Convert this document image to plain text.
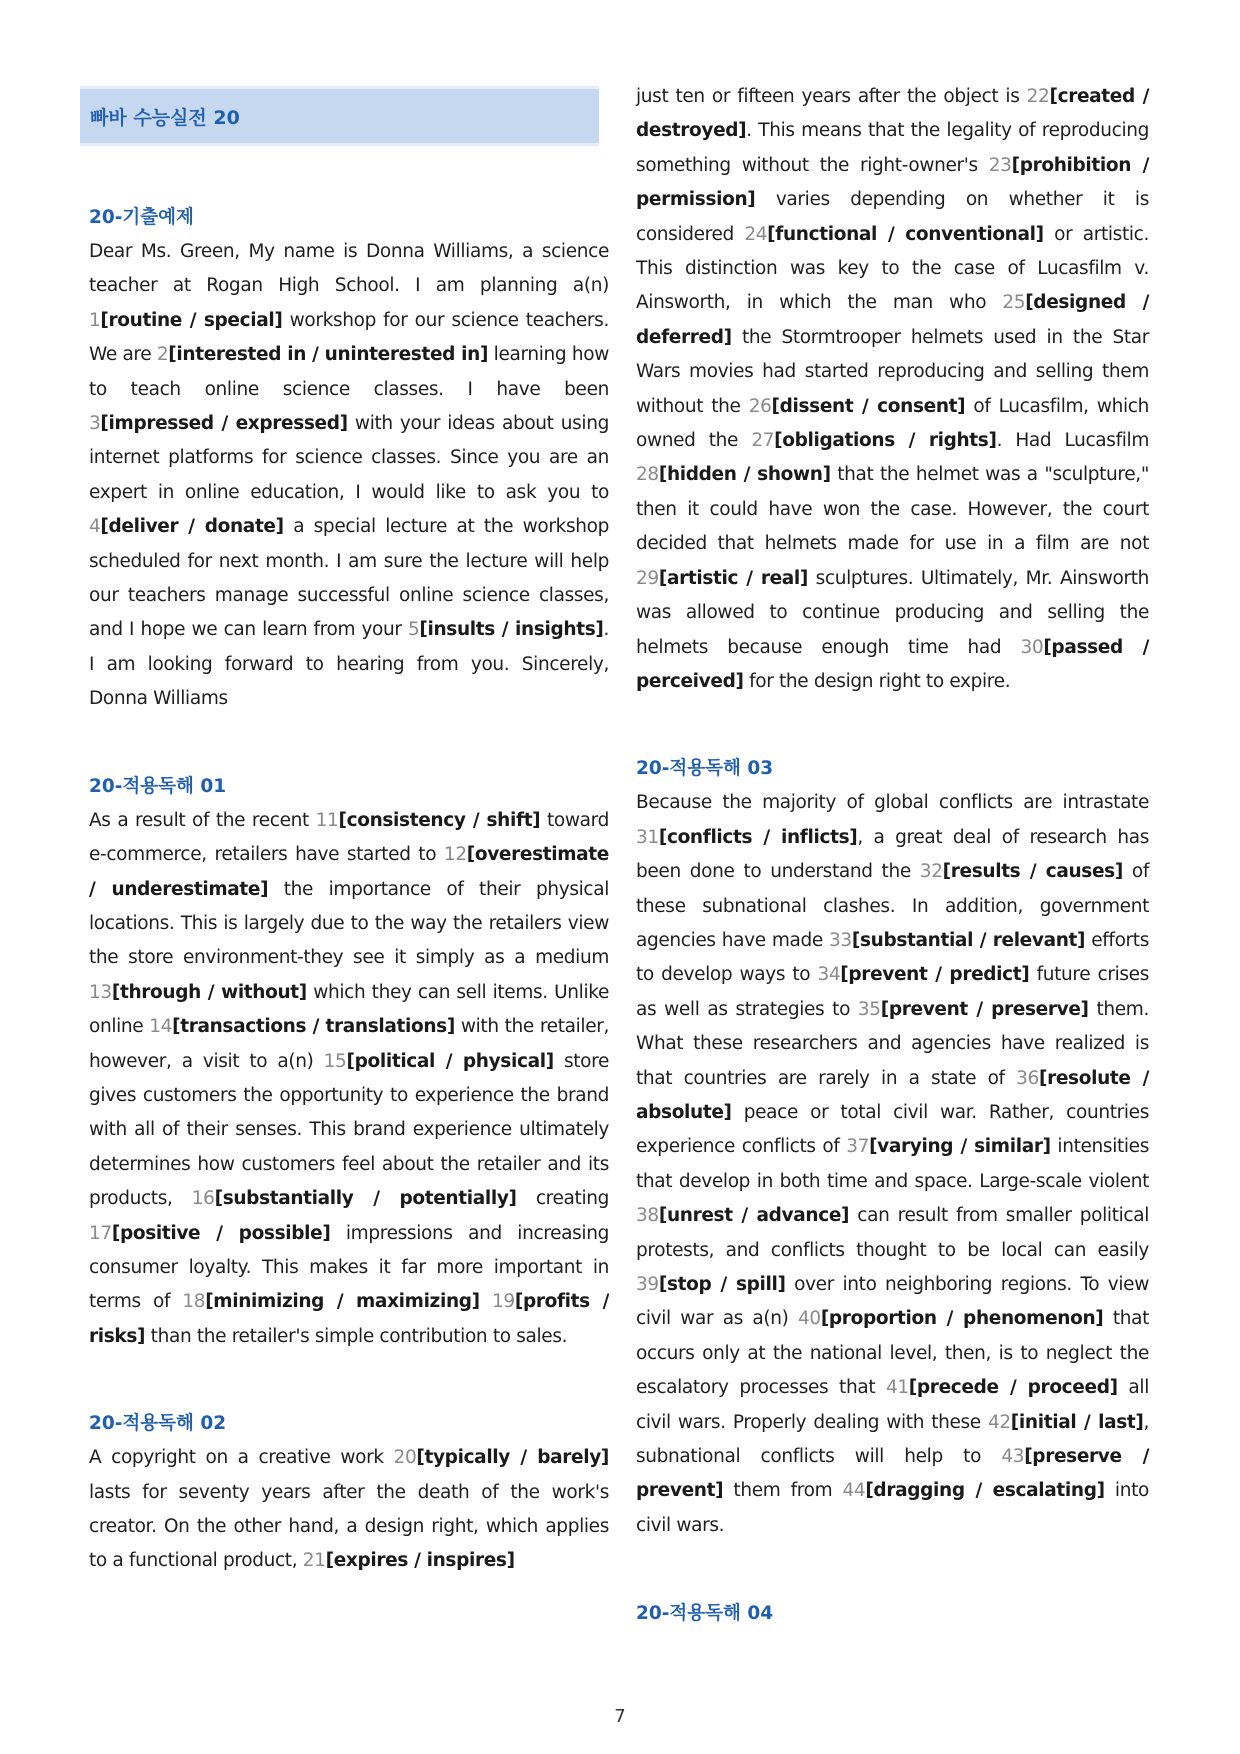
빠바 수능실전 20
20-기출예제

Dear Ms. Green, My name is Donna Williams, a science teacher at Rogan High School. I am planning a(n) 1[routine / special] workshop for our science teachers. We are 2[interested in / uninterested in] learning how to teach online science classes. I have been 3[impressed / expressed] with your ideas about using internet platforms for science classes. Since you are an expert in online education, I would like to ask you to 4[deliver / donate] a special lecture at the workshop scheduled for next month. I am sure the lecture will help our teachers manage successful online science classes, and I hope we can learn from your 5[insults / insights]. I am looking forward to hearing from you. Sincerely, Donna Williams

20-적용독해 01

As a result of the recent 11[consistency / shift] toward e-commerce, retailers have started to 12[overestimate / underestimate] the importance of their physical locations. This is largely due to the way the retailers view the store environment-they see it simply as a medium 13[through / without] which they can sell items. Unlike online 14[transactions / translations] with the retailer, however, a visit to a(n) 15[political / physical] store gives customers the opportunity to experience the brand with all of their senses. This brand experience ultimately determines how customers feel about the retailer and its products, 16[substantially / potentially] creating 17[positive / possible] impressions and increasing consumer loyalty. This makes it far more important in terms of 18[minimizing / maximizing] 19[profits / risks] than the retailer's simple contribution to sales.

20-적용독해 02

A copyright on a creative work 20[typically / barely] lasts for seventy years after the death of the work's creator. On the other hand, a design right, which applies to a functional product, 21[expires / inspires]

just ten or fifteen years after the object is 22[created / destroyed]. This means that the legality of reproducing something without the right-owner's 23[prohibition / permission] varies depending on whether it is considered 24[functional / conventional] or artistic. This distinction was key to the case of Lucasfilm v. Ainsworth, in which the man who 25[designed / deferred] the Stormtrooper helmets used in the Star Wars movies had started reproducing and selling them without the 26[dissent / consent] of Lucasfilm, which owned the 27[obligations / rights]. Had Lucasfilm 28[hidden / shown] that the helmet was a "sculpture," then it could have won the case. However, the court decided that helmets made for use in a film are not 29[artistic / real] sculptures. Ultimately, Mr. Ainsworth was allowed to continue producing and selling the helmets because enough time had 30[passed / perceived] for the design right to expire.

20-적용독해 03

Because the majority of global conflicts are intrastate 31[conflicts / inflicts], a great deal of research has been done to understand the 32[results / causes] of these subnational clashes. In addition, government agencies have made 33[substantial / relevant] efforts to develop ways to 34[prevent / predict] future crises as well as strategies to 35[prevent / preserve] them. What these researchers and agencies have realized is that countries are rarely in a state of 36[resolute / absolute] peace or total civil war. Rather, countries experience conflicts of 37[varying / similar] intensities that develop in both time and space. Large-scale violent 38[unrest / advance] can result from smaller political protests, and conflicts thought to be local can easily 39[stop / spill] over into neighboring regions. To view civil war as a(n) 40[proportion / phenomenon] that occurs only at the national level, then, is to neglect the escalatory processes that 41[precede / proceed] all civil wars. Properly dealing with these 42[initial / last], subnational conflicts will help to 43[preserve / prevent] them from 44[dragging / escalating] into civil wars.

20-적용독해 04
7
